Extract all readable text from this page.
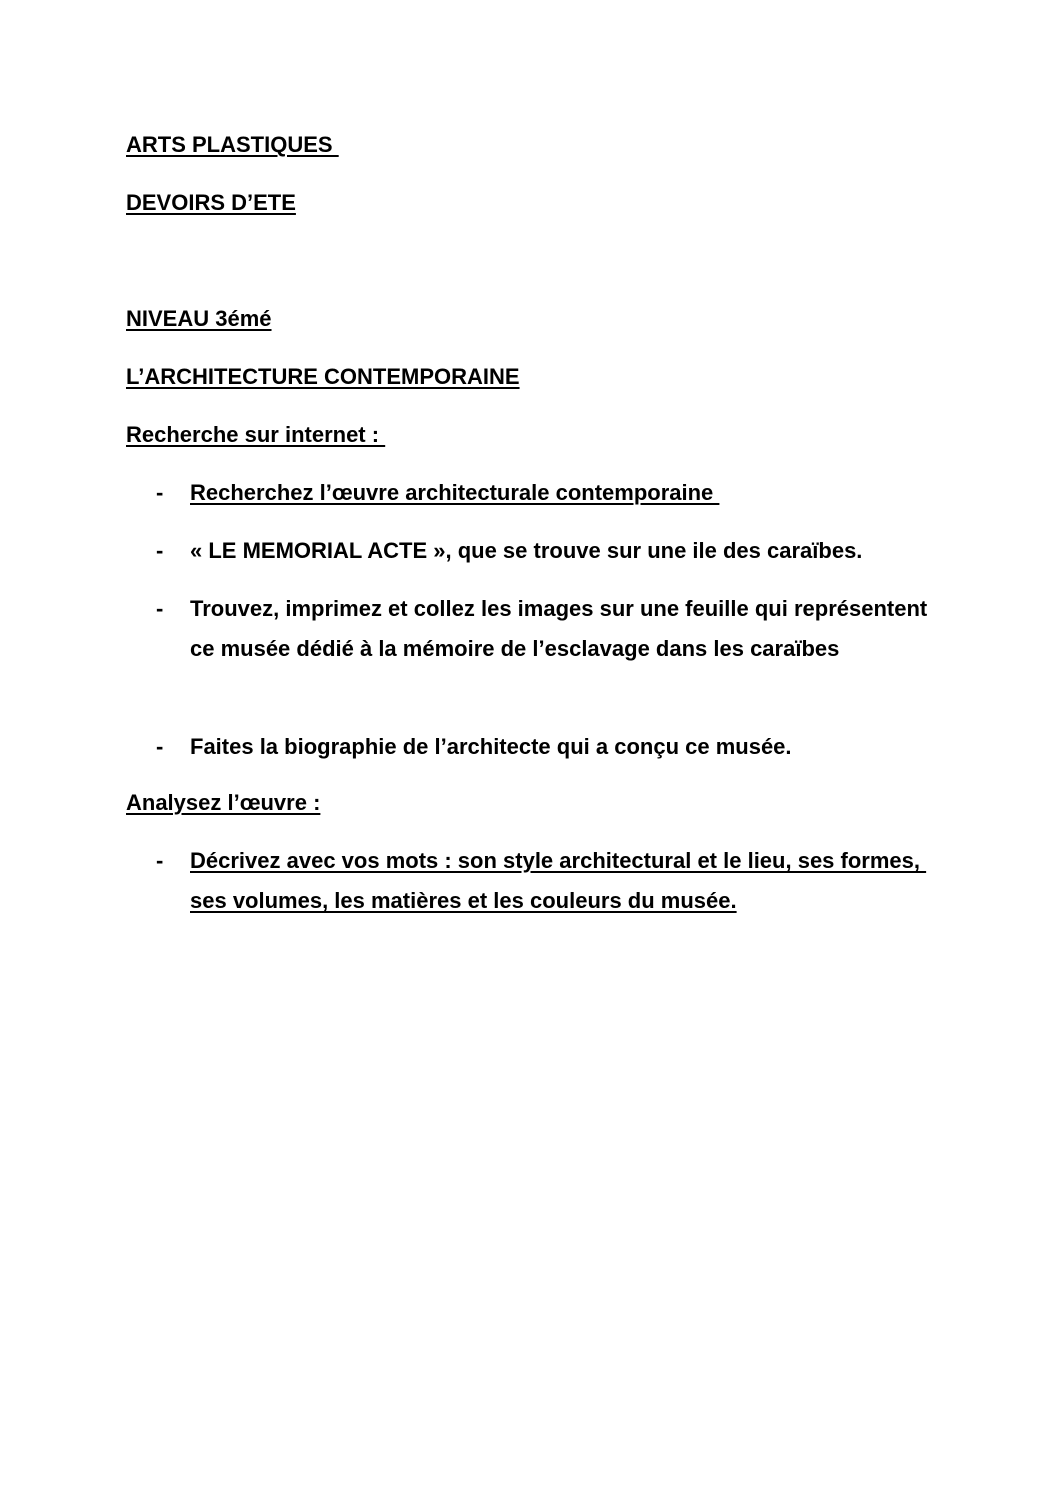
ARTS PLASTIQUES
DEVOIRS D’ETE
NIVEAU 3émé
L’ARCHITECTURE CONTEMPORAINE
Recherche sur internet :
- Recherchez l’œuvre architecturale contemporaine
- « LE MEMORIAL ACTE », que se trouve sur une ile des caraïbes.
- Trouvez, imprimez et collez les images sur une feuille qui représentent ce musée dédié à la mémoire de l’esclavage dans les caraïbes
- Faites la biographie de l’architecte qui a conçu ce musée.
Analysez l’œuvre :
- Décrivez avec vos mots : son style architectural et le lieu, ses formes, ses volumes, les matières et les couleurs du musée.
